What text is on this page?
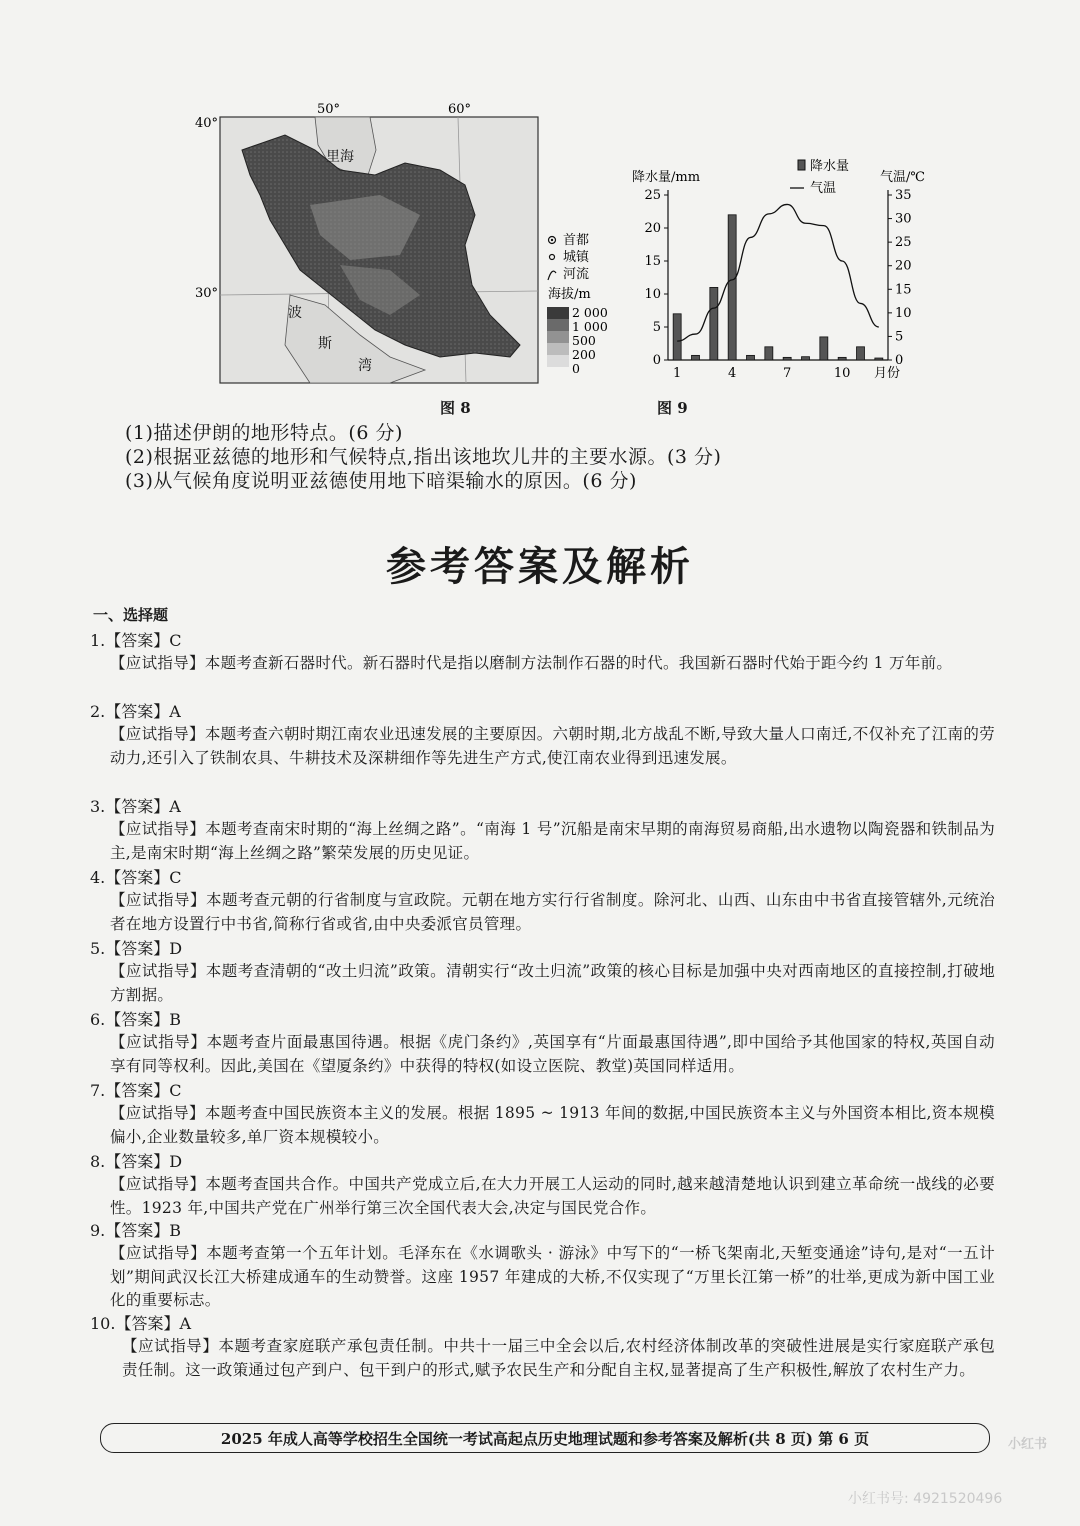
50°	60°
40°
30°
里海
波
斯
湾
首都
城镇
河流
海拔/m
2 000
1 000
500
200
0
图 8
0
5
10
15
20
25
0
5
10
15
20
25
30
35
1	4	7	10 月份
降水量/mm	气温/℃
降水量
气温
图 9
(1)描述伊朗的地形特点。(6 分)
(2)根据亚兹德的地形和气候特点,指出该地坎儿井的主要水源。(3 分)
(3)从气候角度说明亚兹德使用地下暗渠输水的原因。(6 分)
参考答案及解析
一、选择题
1.【答案】C
【应试指导】本题考查新石器时代。新石器时代是指以磨制方法制作石器的时代。我国新石器时代始于距今约 1 万年前。
2.【答案】A
【应试指导】本题考查六朝时期江南农业迅速发展的主要原因。六朝时期,北方战乱不断,导致大量人口南迁,不仅补充了江南的劳动力,还引入了铁制农具、牛耕技术及深耕细作等先进生产方式,使江南农业得到迅速发展。
3.【答案】A
【应试指导】本题考查南宋时期的“海上丝绸之路”。“南海 1 号”沉船是南宋早期的南海贸易商船,出水遗物以陶瓷器和铁制品为主,是南宋时期“海上丝绸之路”繁荣发展的历史见证。
4.【答案】C
【应试指导】本题考查元朝的行省制度与宣政院。元朝在地方实行行省制度。除河北、山西、山东由中书省直接管辖外,元统治者在地方设置行中书省,简称行省或省,由中央委派官员管理。
5.【答案】D
【应试指导】本题考查清朝的“改土归流”政策。清朝实行“改土归流”政策的核心目标是加强中央对西南地区的直接控制,打破地方割据。
6.【答案】B
【应试指导】本题考查片面最惠国待遇。根据《虎门条约》,英国享有“片面最惠国待遇”,即中国给予其他国家的特权,英国自动享有同等权利。因此,美国在《望厦条约》中获得的特权(如设立医院、教堂)英国同样适用。
7.【答案】C
【应试指导】本题考查中国民族资本主义的发展。根据 1895 ~ 1913 年间的数据,中国民族资本主义与外国资本相比,资本规模偏小,企业数量较多,单厂资本规模较小。
8.【答案】D
【应试指导】本题考查国共合作。中国共产党成立后,在大力开展工人运动的同时,越来越清楚地认识到建立革命统一战线的必要性。1923 年,中国共产党在广州举行第三次全国代表大会,决定与国民党合作。
9.【答案】B
【应试指导】本题考查第一个五年计划。毛泽东在《水调歌头 · 游泳》中写下的“一桥飞架南北,天堑变通途”诗句,是对“一五计划”期间武汉长江大桥建成通车的生动赞誉。这座 1957 年建成的大桥,不仅实现了“万里长江第一桥”的壮举,更成为新中国工业化的重要标志。
10.【答案】A
【应试指导】本题考查家庭联产承包责任制。中共十一届三中全会以后,农村经济体制改革的突破性进展是实行家庭联产承包责任制。这一政策通过包产到户、包干到户的形式,赋予农民生产和分配自主权,显著提高了生产积极性,解放了农村生产力。
2025 年成人高等学校招生全国统一考试高起点历史地理试题和参考答案及解析(共 8 页) 第 6 页	小红书
小红书号: 4921520496
